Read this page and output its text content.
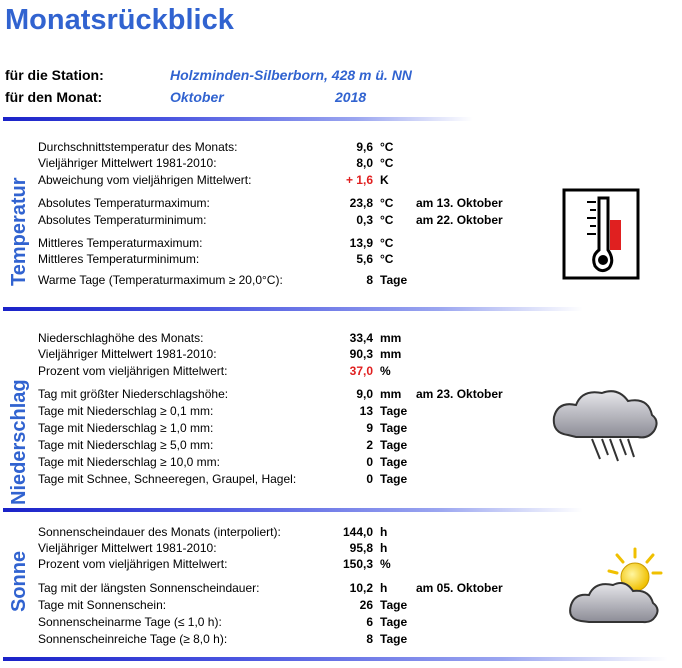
Monatsrückblick
für die Station:	Holzminden-Silberborn, 428 m ü. NN
für den Monat:	Oktober	2018
Temperatur
Durchschnittstemperatur des Monats:	9,6 °C
Vieljähriger Mittelwert 1981-2010:	8,0 °C
Abweichung vom vieljährigen Mittelwert:	+ 1,6 K
Absolutes Temperaturmaximum:	23,8 °C am 13. Oktober
Absolutes Temperaturminimum:	0,3 °C am 22. Oktober
Mittleres Temperaturmaximum:	13,9 °C
Mittleres Temperaturminimum:	5,6 °C
Warme Tage (Temperaturmaximum ≥ 20,0°C):	8 Tage
Niederschlag
Niederschlaghöhe des Monats:	33,4 mm
Vieljähriger Mittelwert 1981-2010:	90,3 mm
Prozent vom vieljährigen Mittelwert:	37,0 %
Tag mit größter Niederschlagshöhe:	9,0 mm am 23. Oktober
Tage mit Niederschlag ≥ 0,1 mm:	13 Tage
Tage mit Niederschlag ≥ 1,0 mm:	9 Tage
Tage mit Niederschlag ≥ 5,0 mm:	2 Tage
Tage mit Niederschlag ≥ 10,0 mm:	0 Tage
Tage mit Schnee, Schneeregen, Graupel, Hagel:	0 Tage
Sonne
Sonnenscheindauer des Monats (interpoliert):	144,0 h
Vieljähriger Mittelwert 1981-2010:	95,8 h
Prozent vom vieljährigen Mittelwert:	150,3 %
Tag mit der längsten Sonnenscheindauer:	10,2 h am 05. Oktober
Tage mit Sonnenschein:	26 Tage
Sonnenscheinarme Tage (≤ 1,0 h):	6 Tage
Sonnenscheinreiche Tage (≥ 8,0 h):	8 Tage
